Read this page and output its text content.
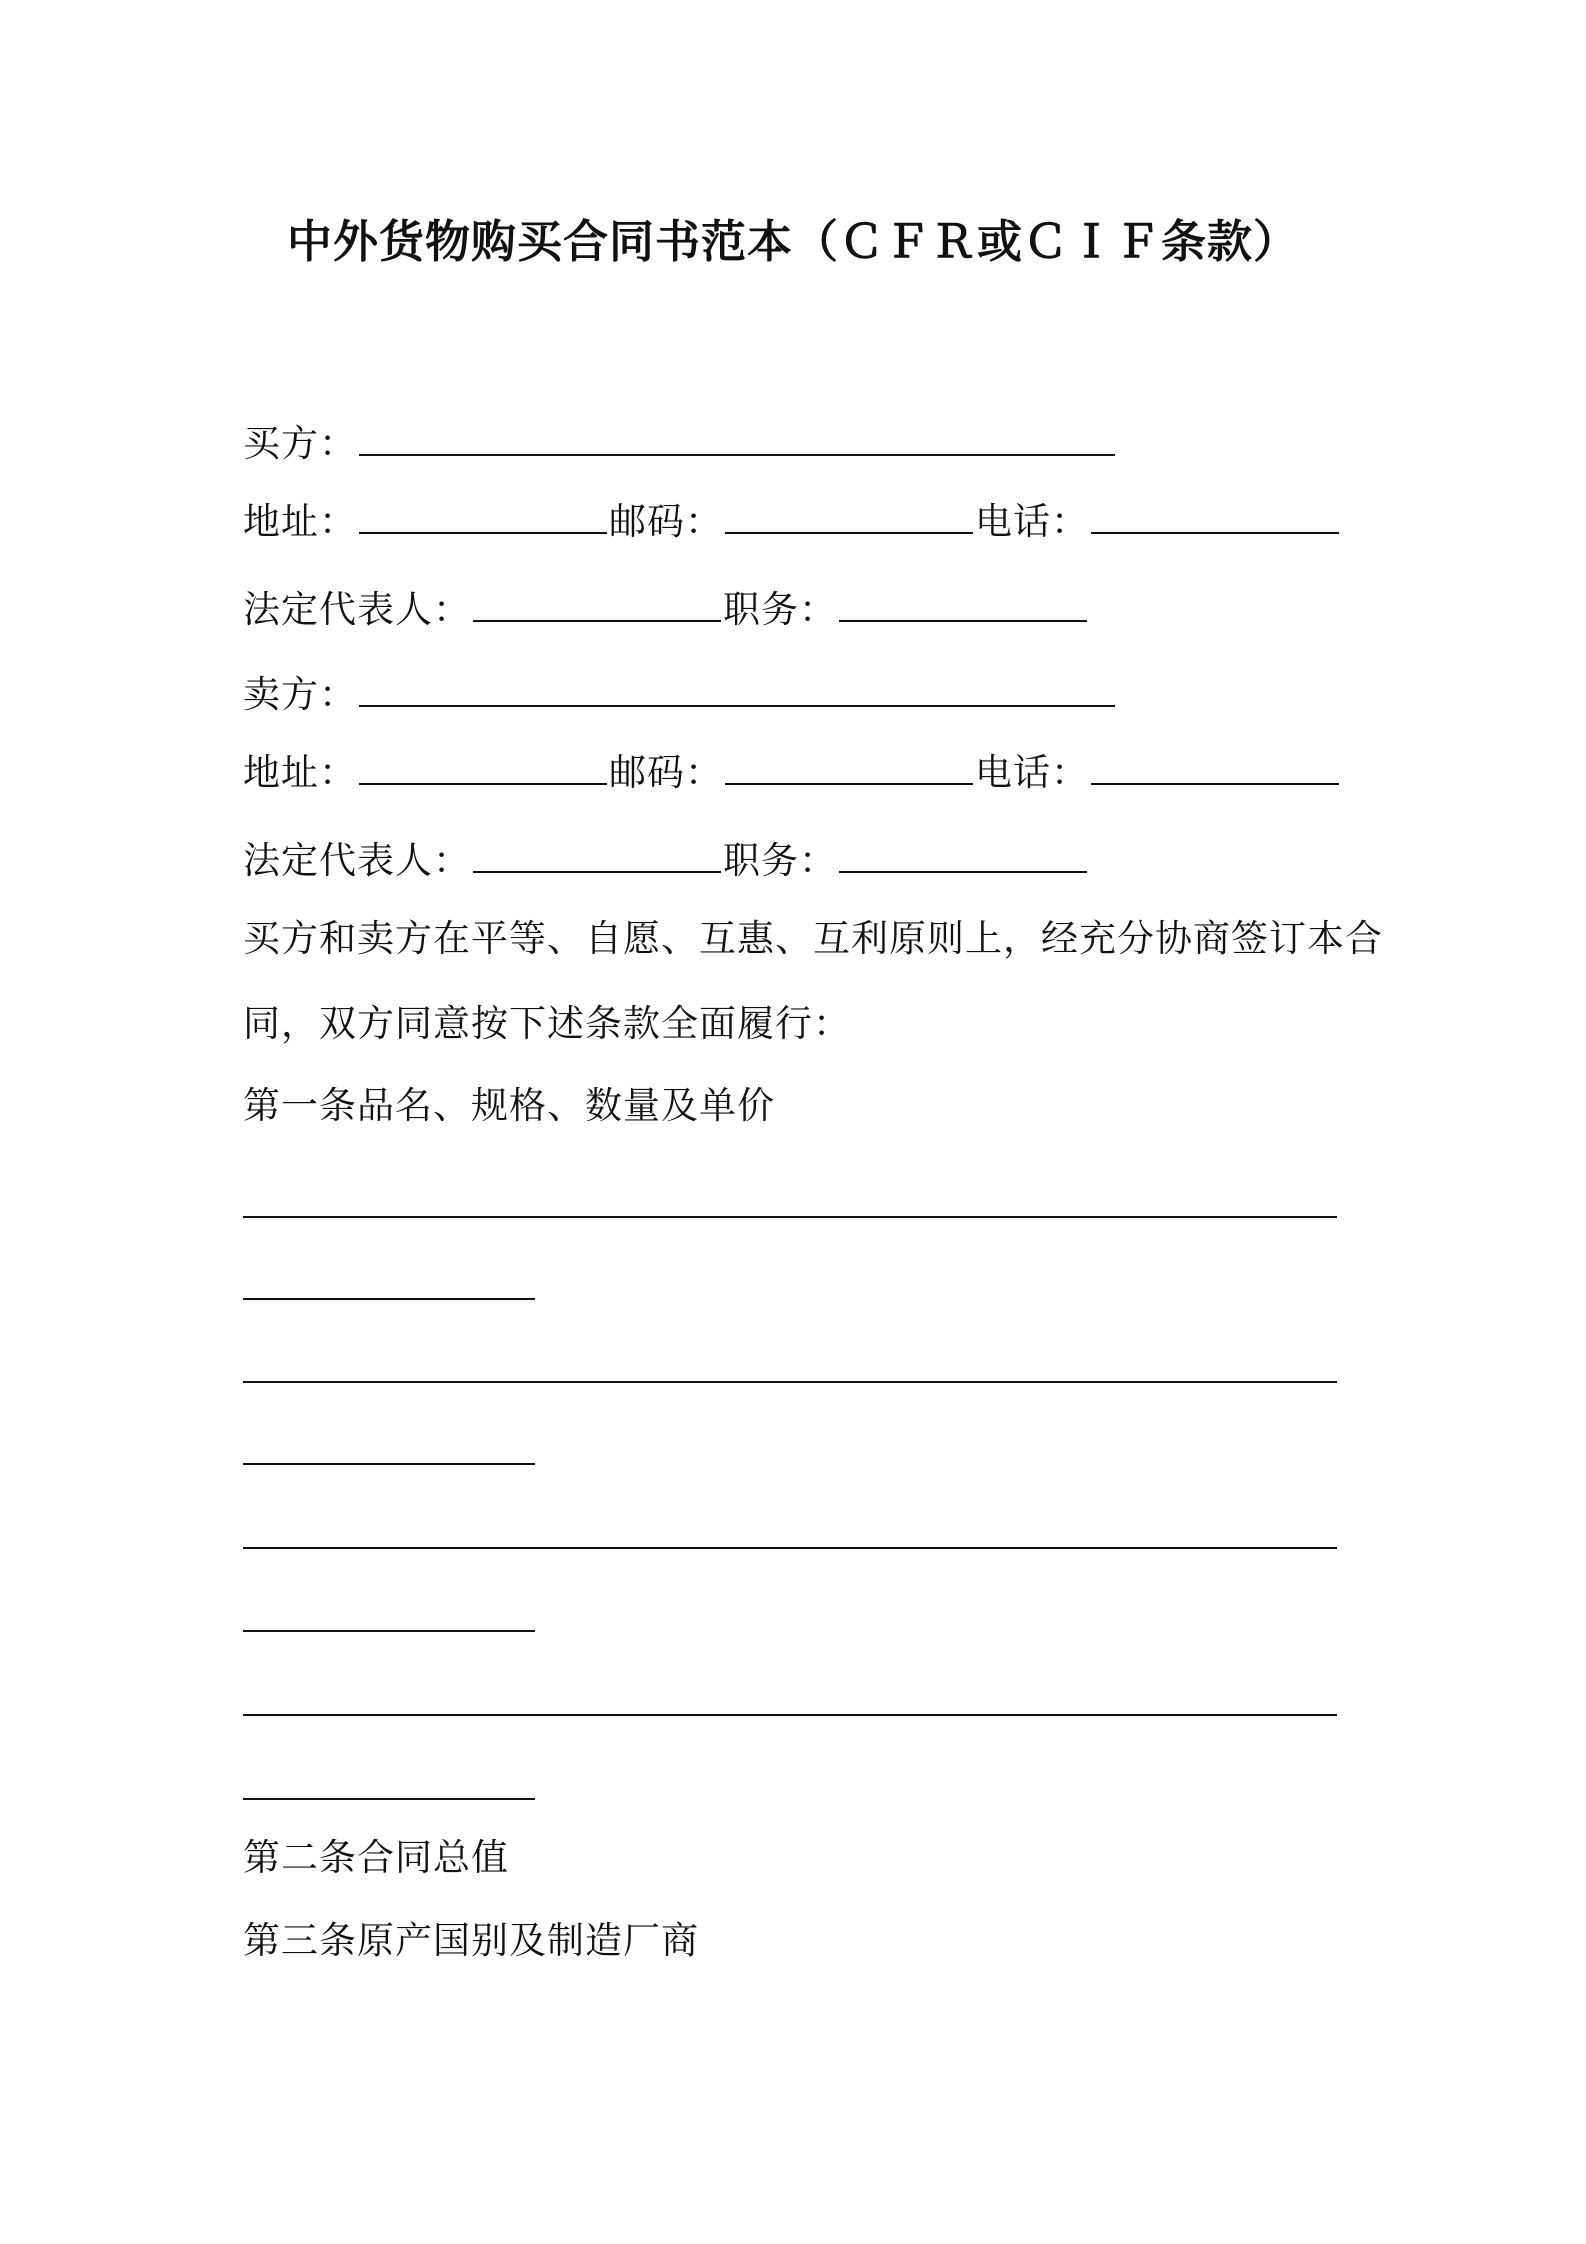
中外货物购买合同书范本（ＣＦＲ或ＣＩＦ条款）
买方：
地址：	邮码：	电话：
法定代表人：	职务：
卖方：
地址：	邮码：	电话：
法定代表人：	职务：
买方和卖方在平等、自愿、互惠、互利原则上，经充分协商签订本合
同，双方同意按下述条款全面履行：
第一条品名、规格、数量及单价
第二条合同总值
第三条原产国别及制造厂商
